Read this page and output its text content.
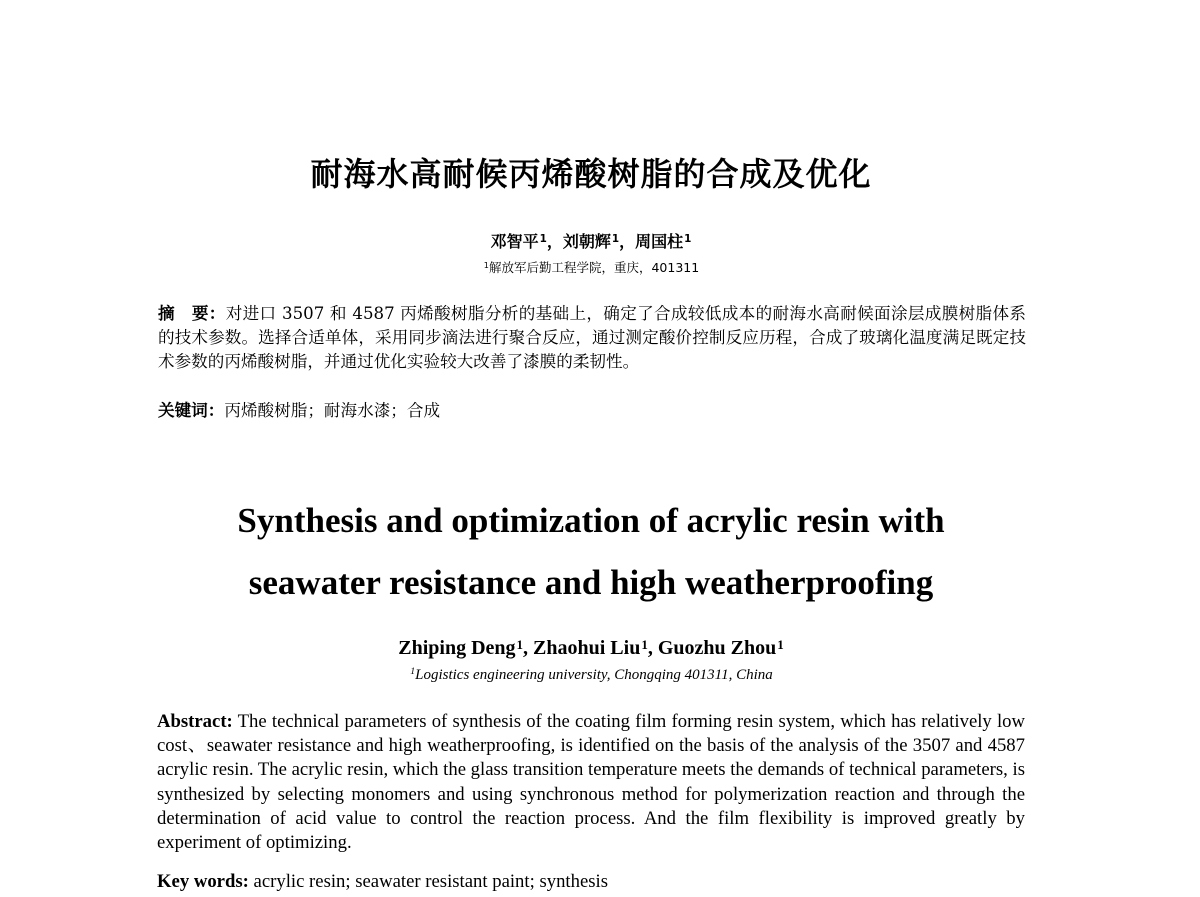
耐海水高耐候丙烯酸树脂的合成及优化
邓智平$^1$，刘朝辉$^1$，周国柱$^1$
$^1$解放军后勤工程学院，重庆，401311
摘　要：对进口 3507 和 4587 丙烯酸树脂分析的基础上，确定了合成较低成本的耐海水高耐候面涂层成膜树脂体系的技术参数。选择合适单体，采用同步滴法进行聚合反应，通过测定酸价控制反应历程，合成了玻璃化温度满足既定技术参数的丙烯酸树脂，并通过优化实验较大改善了漆膜的柔韧性。
关键词：丙烯酸树脂；耐海水漆；合成
Synthesis and optimization of acrylic resin with
seawater resistance and high weatherproofing
Zhiping Deng$^1$, Zhaohui Liu$^1$, Guozhu Zhou$^1$
$^1$Logistics engineering university, Chongqing 401311, China
Abstract: The technical parameters of synthesis of the coating film forming resin system, which has relatively low cost、seawater resistance and high weatherproofing, is identified on the basis of the analysis of the 3507 and 4587 acrylic resin. The acrylic resin, which the glass transition temperature meets the demands of technical parameters, is synthesized by selecting monomers and using synchronous method for polymerization reaction and through the determination of acid value to control the reaction process. And the film flexibility is improved greatly by experiment of optimizing.
Key words: acrylic resin; seawater resistant paint; synthesis
